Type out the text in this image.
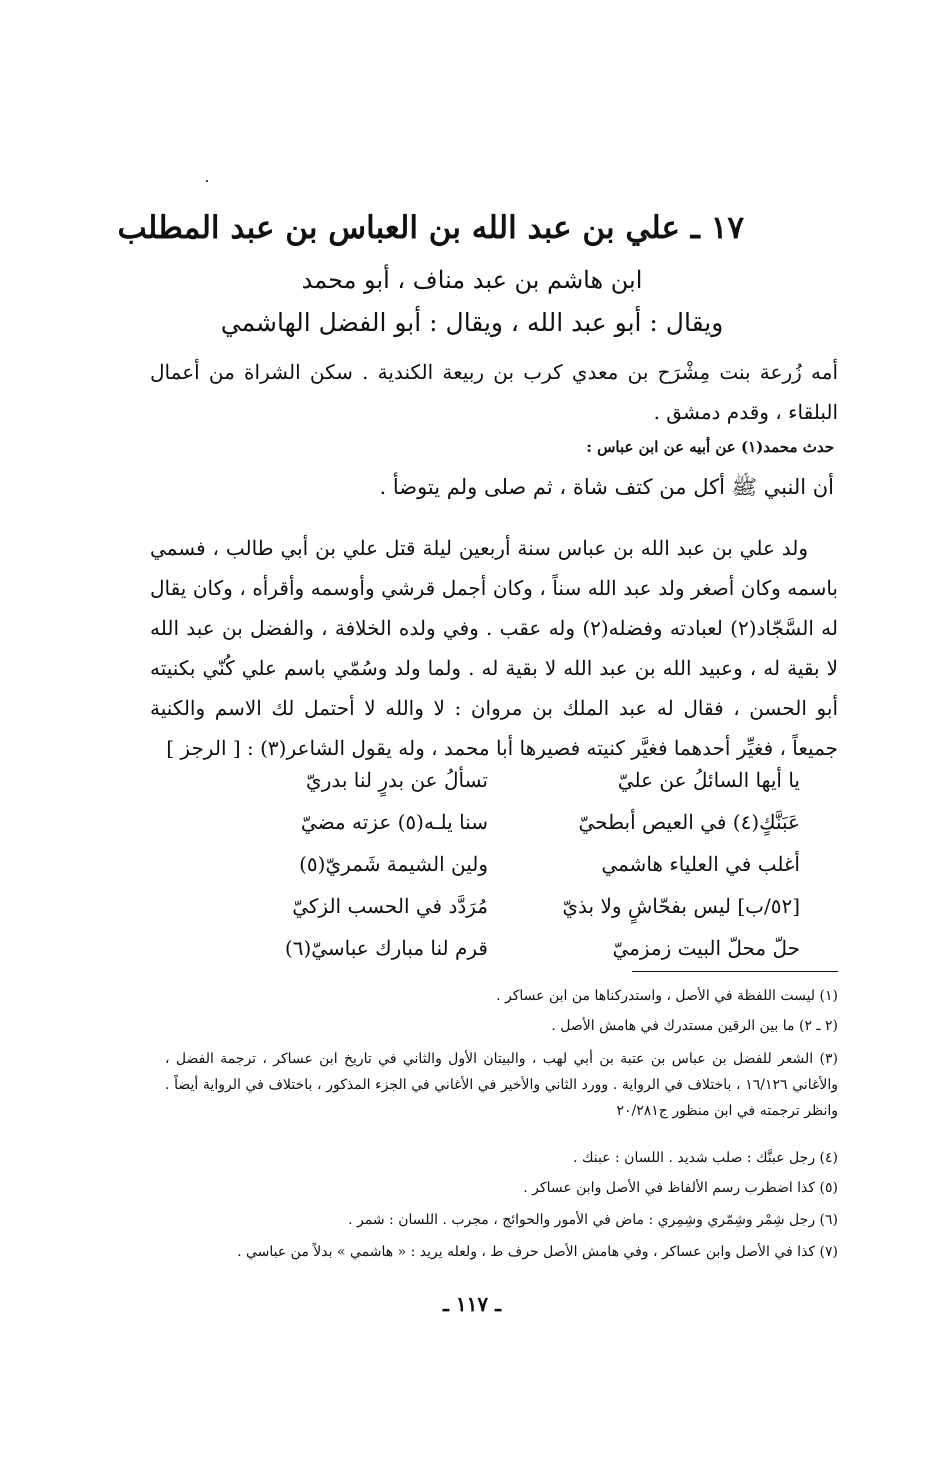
١٧ ـ علي بن عبد الله بن العباس بن عبد المطلب
ابن هاشم بن عبد مناف ، أبو محمد
ويقال : أبو عبد الله ، ويقال : أبو الفضل الهاشمي
أمه زُرعة بنت مِشْرَح بن معدي كرب بن ربيعة الكندية . سكن الشراة من أعمال البلقاء ، وقدم دمشق .
حدث محمد(١) عن أبيه عن ابن عباس :
أن النبي ﷺ أكل من كتف شاة ، ثم صلى ولم يتوضأ .
ولد علي بن عبد الله بن عباس سنة أربعين ليلة قتل علي بن أبي طالب ، فسمي باسمه وكان أصغر ولد عبد الله سناً ، وكان أجمل قرشي وأوسمه وأقرأه ، وكان يقال له السَّجّاد(٢) لعبادته وفضله(٢) وله عقب . وفي ولده الخلافة ، والفضل بن عبد الله لا بقية له ، وعبيد الله بن عبد الله لا بقية له . ولما ولد وسُمّي باسم علي كُنّي بكنيته أبو الحسن ، فقال له عبد الملك بن مروان : لا والله لا أحتمل لك الاسم والكنية جميعاً ، فغيِّر أحدهما فغيَّر كنيته فصيرها أبا محمد ، وله يقول الشاعر(٣) : [ الرجز ]
يا أيها السائلُ عن عليّ
تسألُ عن بدرٍ لنا بدريّ
عَبَنَّكٍ(٤) في العيص أبطحيّ
سنا يلـه(٥) عزته مضيّ
أغلب في العلياء هاشمي
ولين الشيمة شَمريّ(٥)
[٥٢/ب] ليس بفحّاشٍ ولا بذيّ
مُرَدَّد في الحسب الزكيّ
حلّ محلّ البيت زمزميّ
قرم لنا مبارك عباسيّ(٦)
(١) ليست اللفظة في الأصل ، واستدركناها من ابن عساكر .
(٢ ـ ٢) ما بين الرقين مستدرك في هامش الأصل .
(٣) الشعر للفضل بن عباس بن عتبة بن أبي لهب ، والبيتان الأول والثاني في تاريخ ابن عساكر ، ترجمة الفضل ، والأغاني ١٦/١٢٦ ، باختلاف في الرواية . وورد الثاني والأخير في الأغاني في الجزء المذكور ، باختلاف في الرواية أيضاً . وانظر ترجمته في ابن منظور ج٢٠/٢٨١
(٤) رجل عبنَّك : صلب شديد . اللسان : عبنك .
(٥) كذا اضطرب رسم الألفاظ في الأصل وابن عساكر .
(٦) رجل شِمْر وشِمّري وشِمِري : ماض في الأمور والحوائج ، مجرب . اللسان : شمر .
(٧) كذا في الأصل وابن عساكر ، وفي هامش الأصل حرف ط ، ولعله يريد : « هاشمي » بدلاً من عباسي .
ـ ١١٧ ـ
